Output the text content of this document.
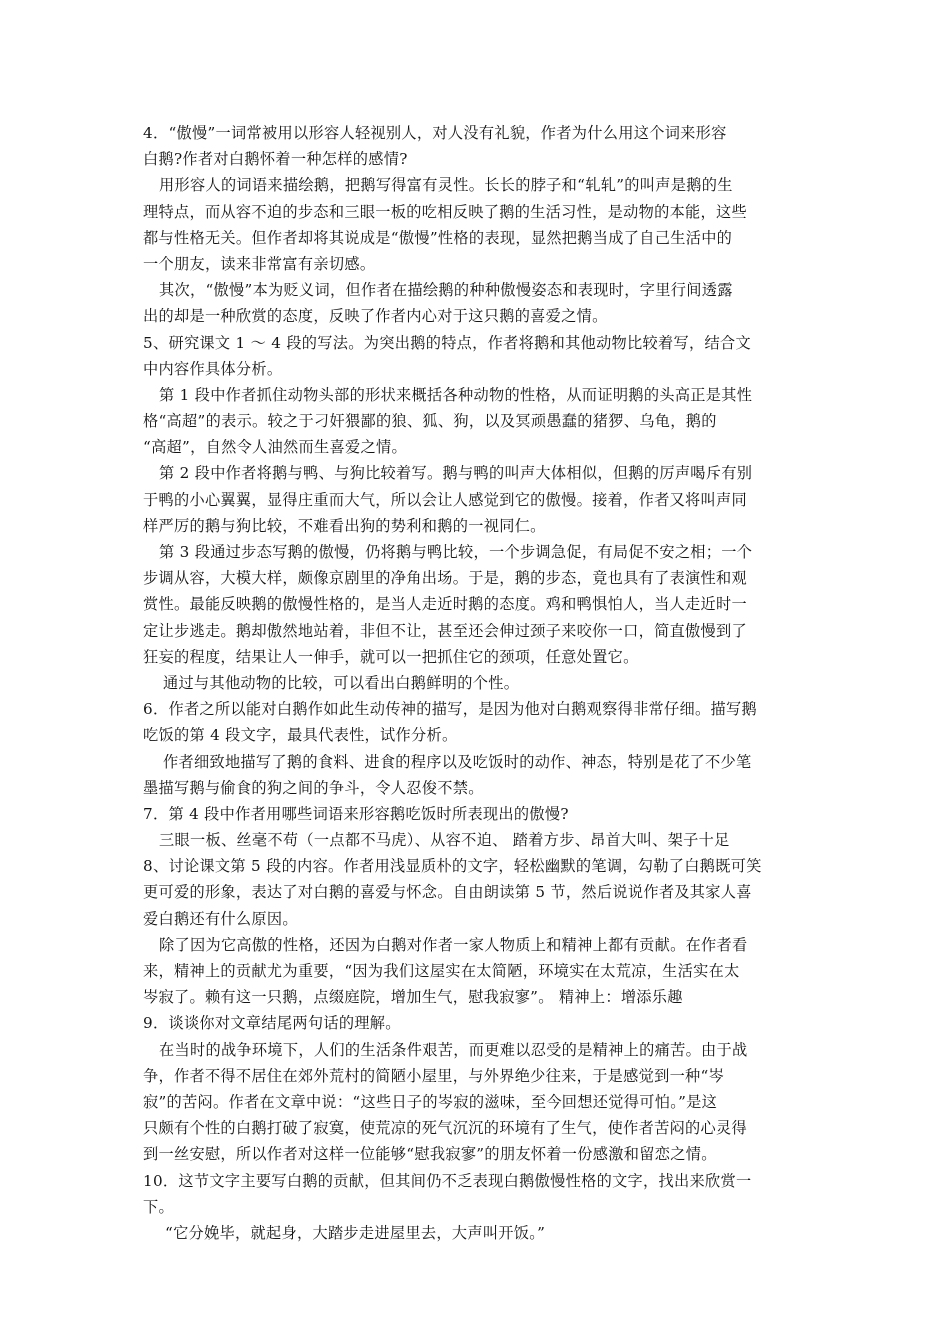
4．“傲慢”一词常被用以形容人轻视别人，对人没有礼貌，作者为什么用这个词来形容
白鹅?作者对白鹅怀着一种怎样的感情?
用形容人的词语来描绘鹅，把鹅写得富有灵性。长长的脖子和“轧轧”的叫声是鹅的生
理特点，而从容不迫的步态和三眼一板的吃相反映了鹅的生活习性，是动物的本能，这些
都与性格无关。但作者却将其说成是“傲慢”性格的表现，显然把鹅当成了自己生活中的
一个朋友，读来非常富有亲切感。
其次，“傲慢”本为贬义词，但作者在描绘鹅的种种傲慢姿态和表现时，字里行间透露
出的却是一种欣赏的态度，反映了作者内心对于这只鹅的喜爱之情。
5、研究课文 1 ～ 4 段的写法。为突出鹅的特点，作者将鹅和其他动物比较着写，结合文
中内容作具体分析。
第 1 段中作者抓住动物头部的形状来概括各种动物的性格，从而证明鹅的头高正是其性
格“高超”的表示。较之于刁奸猥鄙的狼、狐、狗，以及冥顽愚蠢的猪猡、乌龟，鹅的
“高超”，自然令人油然而生喜爱之情。
第 2 段中作者将鹅与鸭、与狗比较着写。鹅与鸭的叫声大体相似，但鹅的厉声喝斥有别
于鸭的小心翼翼，显得庄重而大气，所以会让人感觉到它的傲慢。接着，作者又将叫声同
样严厉的鹅与狗比较，不难看出狗的势利和鹅的一视同仁。
第 3 段通过步态写鹅的傲慢，仍将鹅与鸭比较，一个步调急促，有局促不安之相；一个
步调从容，大模大样，颇像京剧里的净角出场。于是，鹅的步态，竟也具有了表演性和观
赏性。最能反映鹅的傲慢性格的，是当人走近时鹅的态度。鸡和鸭惧怕人，当人走近时一
定让步逃走。鹅却傲然地站着，非但不让，甚至还会伸过颈子来咬你一口，简直傲慢到了
狂妄的程度，结果让人一伸手，就可以一把抓住它的颈项，任意处置它。
通过与其他动物的比较，可以看出白鹅鲜明的个性。
6．作者之所以能对白鹅作如此生动传神的描写，是因为他对白鹅观察得非常仔细。描写鹅
吃饭的第 4 段文字，最具代表性，试作分析。
作者细致地描写了鹅的食料、进食的程序以及吃饭时的动作、神态，特别是花了不少笔
墨描写鹅与偷食的狗之间的争斗，令人忍俊不禁。
7．第 4 段中作者用哪些词语来形容鹅吃饭时所表现出的傲慢?
三眼一板、丝毫不苟（一点都不马虎）、从容不迫、 踏着方步、昂首大叫、架子十足
8、讨论课文第 5 段的内容。作者用浅显质朴的文字，轻松幽默的笔调，勾勒了白鹅既可笑
更可爱的形象，表达了对白鹅的喜爱与怀念。自由朗读第 5 节，然后说说作者及其家人喜
爱白鹅还有什么原因。
除了因为它高傲的性格，还因为白鹅对作者一家人物质上和精神上都有贡献。在作者看
来，精神上的贡献尤为重要，“因为我们这屋实在太简陋，环境实在太荒凉，生活实在太
岑寂了。赖有这一只鹅，点缀庭院，增加生气，慰我寂寥”。 精神上：增添乐趣
9．谈谈你对文章结尾两句话的理解。
在当时的战争环境下，人们的生活条件艰苦，而更难以忍受的是精神上的痛苦。由于战
争，作者不得不居住在郊外荒村的简陋小屋里，与外界绝少往来，于是感觉到一种“岑
寂”的苦闷。作者在文章中说：“这些日子的岑寂的滋味，至今回想还觉得可怕。”是这
只颇有个性的白鹅打破了寂寞，使荒凉的死气沉沉的环境有了生气，使作者苦闷的心灵得
到一丝安慰，所以作者对这样一位能够“慰我寂寥”的朋友怀着一份感激和留恋之情。
10．这节文字主要写白鹅的贡献，但其间仍不乏表现白鹅傲慢性格的文字，找出来欣赏一
下。
“它分娩毕，就起身，大踏步走进屋里去，大声叫开饭。”
